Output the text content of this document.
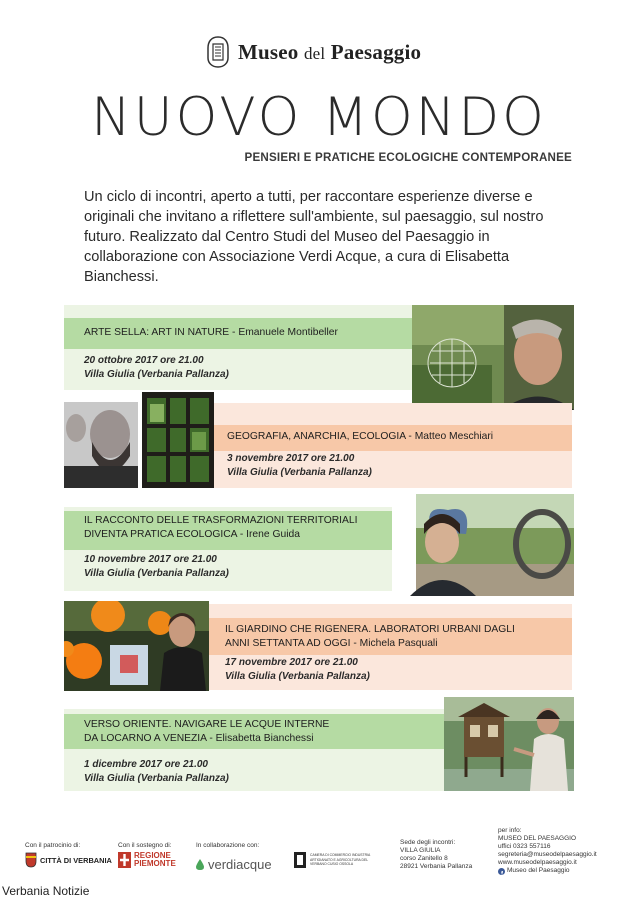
Museo del Paesaggio
NUOVO MONDO
PENSIERI E PRATICHE ECOLOGICHE CONTEMPORANEE
Un ciclo di incontri, aperto a tutti, per raccontare esperienze diverse e originali che invitano a riflettere sull'ambiente, sul paesaggio, sul nostro futuro. Realizzato dal Centro Studi del Museo del Paesaggio in collaborazione con Associazione Verdi Acque, a cura di Elisabetta Bianchessi.
ARTE SELLA: ART IN NATURE - Emanuele Montibeller
20 ottobre 2017 ore 21.00
Villa Giulia (Verbania Pallanza)
GEOGRAFIA, ANARCHIA, ECOLOGIA - Matteo Meschiari
3 novembre 2017 ore 21.00
Villa Giulia (Verbania Pallanza)
IL RACCONTO DELLE TRASFORMAZIONI TERRITORIALI
DIVENTA PRATICA ECOLOGICA - Irene Guida
10 novembre 2017 ore 21.00
Villa Giulia (Verbania Pallanza)
IL GIARDINO CHE RIGENERA. LABORATORI URBANI DAGLI
ANNI SETTANTA AD OGGI - Michela Pasquali
17 novembre 2017 ore 21.00
Villa Giulia (Verbania Pallanza)
VERSO ORIENTE. NAVIGARE LE ACQUE INTERNE
DA LOCARNO A VENEZIA - Elisabetta Bianchessi
1 dicembre 2017 ore 21.00
Villa Giulia (Verbania Pallanza)
Con il patrocinio di:	Con il sostegno di:	In collaborazione con:
CITTÀ DI VERBANIA	REGIONE
PIEMONTE verdiacque
CAMERA DI COMMERCIO INDUSTRIA ARTIGIANATO E AGRICOLTURA DEL VERBANO CUSIO OSSOLA
Sede degli incontri:
VILLA GIULIA
corso Zanitello 8
28921 Verbania Pallanza
per info:
MUSEO DEL PAESAGGIO
uffici 0323 557116
segreteria@museodelpaesaggio.it
www.museodelpaesaggio.it
Museo del Paesaggio
Verbania Notizie
